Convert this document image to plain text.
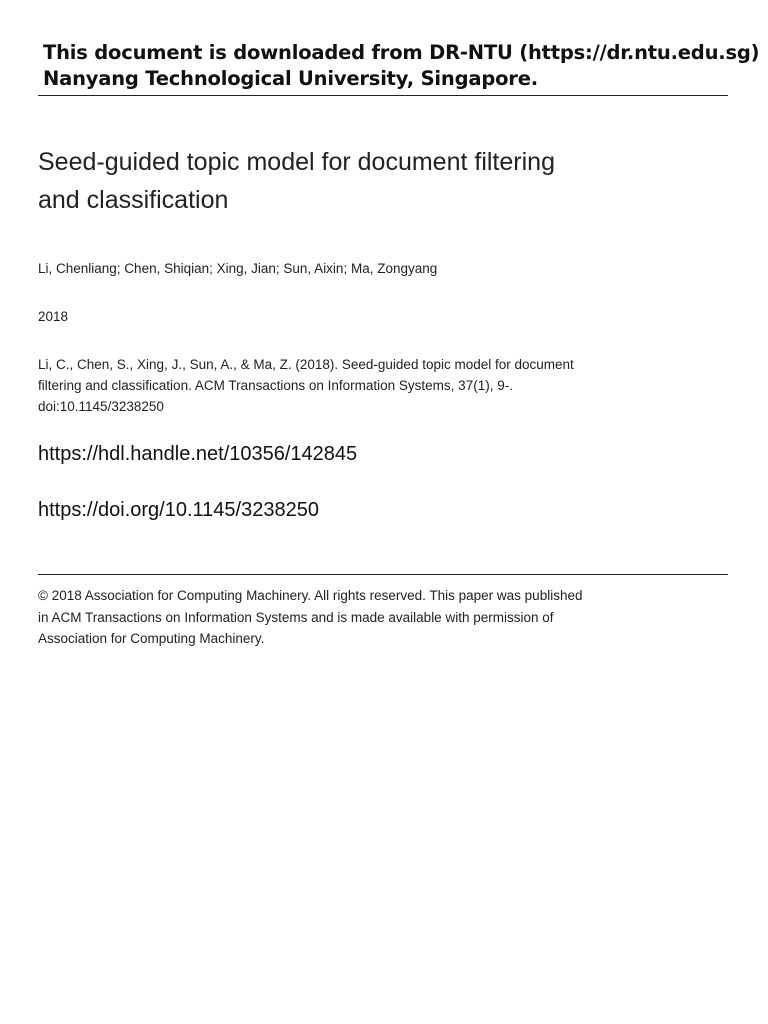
This document is downloaded from DR‑NTU (https://dr.ntu.edu.sg)
Nanyang Technological University, Singapore.
Seed-guided topic model for document filtering
and classification
Li, Chenliang; Chen, Shiqian; Xing, Jian; Sun, Aixin; Ma, Zongyang
2018
Li, C., Chen, S., Xing, J., Sun, A., & Ma, Z. (2018). Seed-guided topic model for document
filtering and classification. ACM Transactions on Information Systems, 37(1), 9-.
doi:10.1145/3238250
https://hdl.handle.net/10356/142845
https://doi.org/10.1145/3238250
© 2018 Association for Computing Machinery. All rights reserved. This paper was published
in ACM Transactions on Information Systems and is made available with permission of
Association for Computing Machinery.
